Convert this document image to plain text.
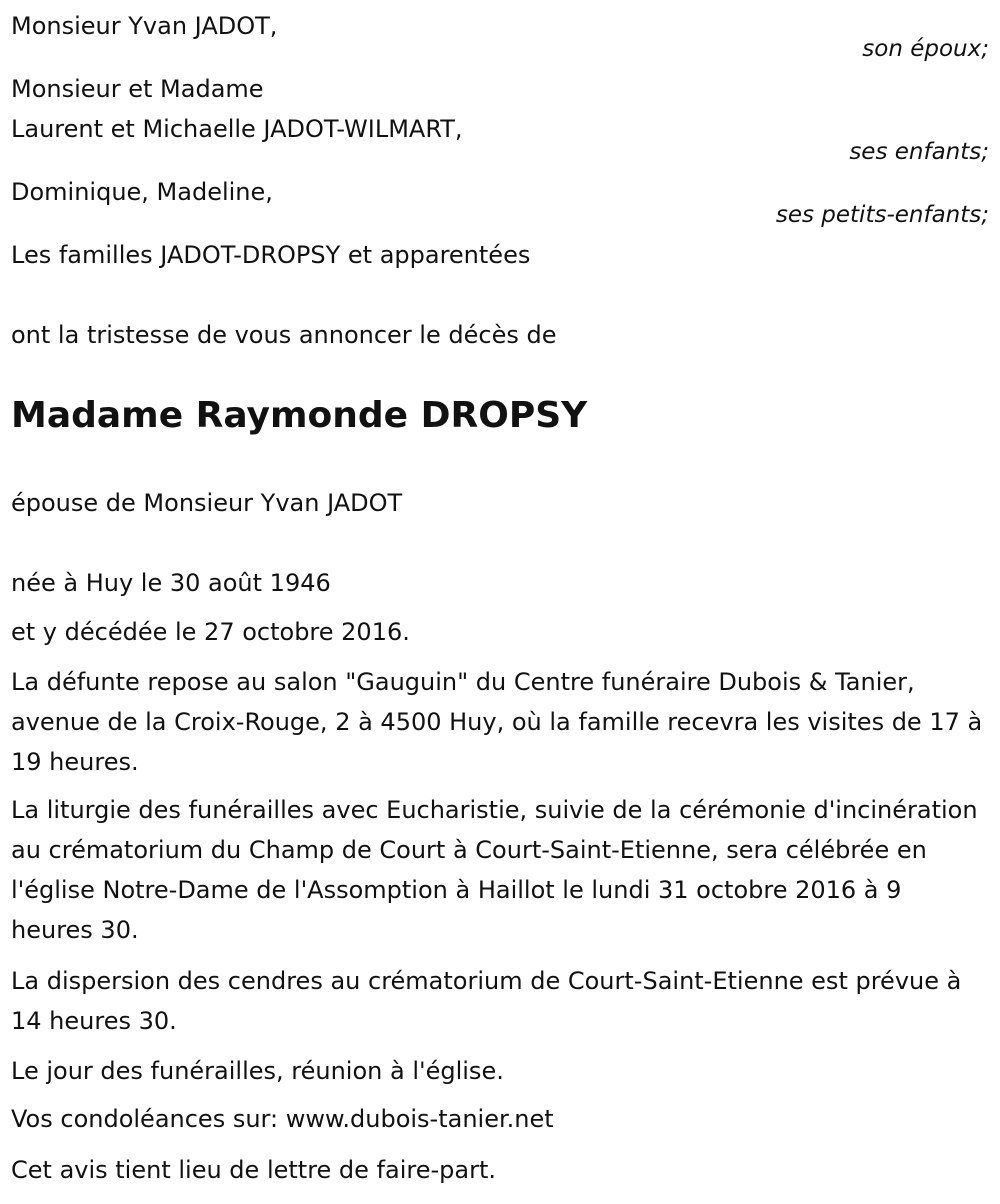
Monsieur Yvan JADOT,
son époux;
Monsieur et Madame
Laurent et Michaelle JADOT-WILMART,
ses enfants;
Dominique, Madeline,
ses petits-enfants;
Les familles JADOT-DROPSY et apparentées
ont la tristesse de vous annoncer le décès de
Madame Raymonde DROPSY
épouse de Monsieur Yvan JADOT
née à Huy le 30 août 1946
et y décédée le 27 octobre 2016.
La défunte repose au salon "Gauguin" du Centre funéraire Dubois & Tanier, avenue de la Croix-Rouge, 2 à 4500 Huy, où la famille recevra les visites de 17 à 19 heures.
La liturgie des funérailles avec Eucharistie, suivie de la cérémonie d'incinération au crématorium du Champ de Court à Court-Saint-Etienne, sera célébrée en l'église Notre-Dame de l'Assomption à Haillot le lundi 31 octobre 2016 à 9 heures 30.
La dispersion des cendres au crématorium de Court-Saint-Etienne est prévue à 14 heures 30.
Le jour des funérailles, réunion à l'église.
Vos condoléances sur: www.dubois-tanier.net
Cet avis tient lieu de lettre de faire-part.
